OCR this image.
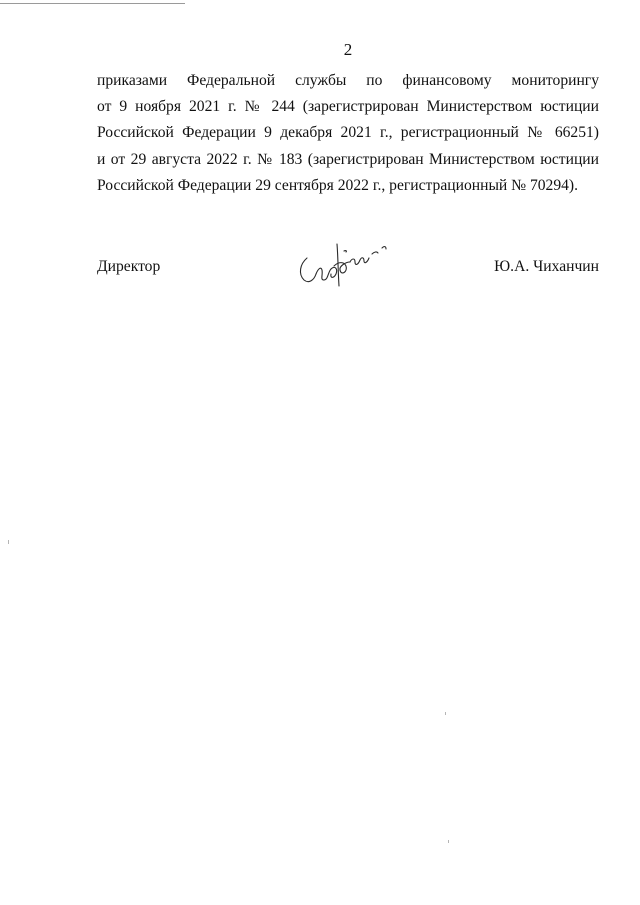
2
приказами Федеральной службы по финансовому мониторингу
от 9 ноября 2021 г. № 244 (зарегистрирован Министерством юстиции
Российской Федерации 9 декабря 2021 г., регистрационный № 66251)
и от 29 августа 2022 г. № 183 (зарегистрирован Министерством юстиции
Российской Федерации 29 сентября 2022 г., регистрационный № 70294).
Директор	Ю.А. Чиханчин
